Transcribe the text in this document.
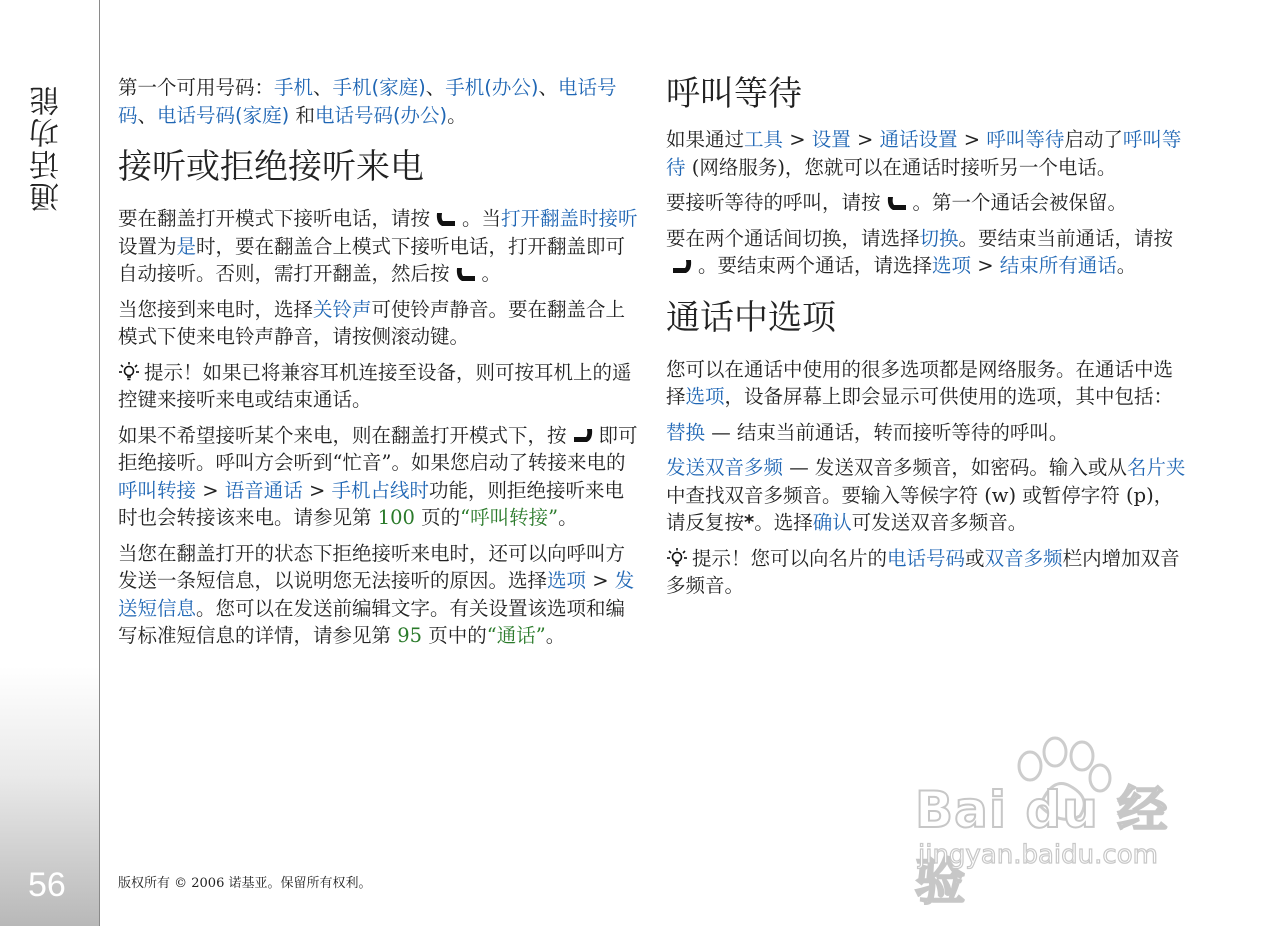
通话功能
56

第一个可用号码：手机、手机(家庭)、手机(办公)、电话号码、电话号码(家庭) 和电话号码(办公)。

接听或拒绝接听来电

要在翻盖打开模式下接听电话，请按 。当打开翻盖时接听设置为是时，要在翻盖合上模式下接听电话，打开翻盖即可自动接听。否则，需打开翻盖，然后按 。

当您接到来电时，选择关铃声可使铃声静音。要在翻盖合上模式下使来电铃声静音，请按侧滚动键。

提示！如果已将兼容耳机连接至设备，则可按耳机上的遥控键来接听来电或结束通话。

如果不希望接听某个来电，则在翻盖打开模式下，按 即可拒绝接听。呼叫方会听到“忙音”。如果您启动了转接来电的呼叫转接 > 语音通话 > 手机占线时功能，则拒绝接听来电时也会转接该来电。请参见第 100 页的“呼叫转接”。

当您在翻盖打开的状态下拒绝接听来电时，还可以向呼叫方发送一条短信息，以说明您无法接听的原因。选择选项 > 发送短信息。您可以在发送前编辑文字。有关设置该选项和编写标准短信息的详情，请参见第 95 页中的“通话”。

呼叫等待

如果通过工具 > 设置 > 通话设置 > 呼叫等待启动了呼叫等待 (网络服务)，您就可以在通话时接听另一个电话。

要接听等待的呼叫，请按 。第一个通话会被保留。

要在两个通话间切换，请选择切换。要结束当前通话，请按
。要结束两个通话，请选择选项 > 结束所有通话。

通话中选项

您可以在通话中使用的很多选项都是网络服务。在通话中选择选项，设备屏幕上即会显示可供使用的选项，其中包括：

替换 — 结束当前通话，转而接听等待的呼叫。

发送双音多频 — 发送双音多频音，如密码。输入或从名片夹中查找双音多频音。要输入等候字符 (w) 或暂停字符 (p)，请反复按*。选择确认可发送双音多频音。

提示！您可以向名片的电话号码或双音多频栏内增加双音多频音。

版权所有 © 2006 诺基亚。保留所有权利。
Bai du 经验
jingyan.baidu.com
